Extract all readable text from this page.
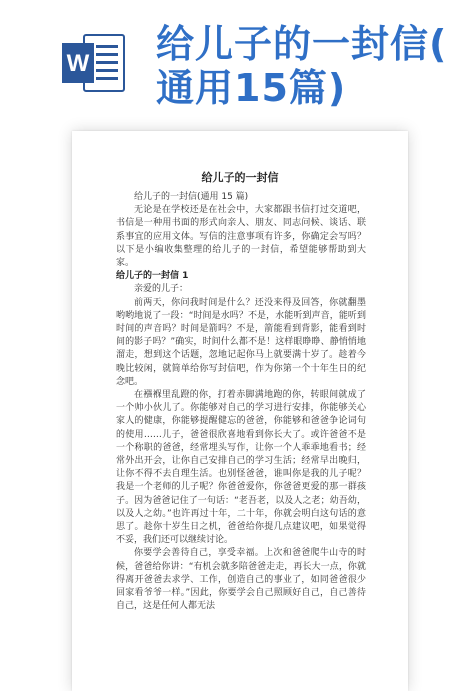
W 给儿子的一封信(
通用15篇)
给儿子的一封信

给儿子的一封信(通用 15 篇)

无论是在学校还是在社会中，大家都跟书信打过交道吧，书信是一种用书面的形式向亲人、朋友、同志问候、谈话、联系事宜的应用文体。写信的注意事项有许多，你确定会写吗？以下是小编收集整理的给儿子的一封信，希望能够帮助到大家。

给儿子的一封信 1

亲爱的儿子：

前两天，你问我时间是什么？还没来得及回答，你就翻墨哟哟地说了一段：“时间是水吗？不是，水能听到声音，能听到时间的声音吗？时间是箭吗？不是，箭能看到背影，能看到时间的影子吗？”确实，时间什么都不是！这样眼睁睁、静悄悄地溜走，想到这个话题，忽地记起你马上就要满十岁了。趁着今晚比较闲，就简单给你写封信吧，作为你第一个十年生日的纪念吧。

在襁褓里乱蹬的你，打着赤脚满地跑的你，转眼间就成了一个帅小伙儿了。你能够对自己的学习进行安排，你能够关心家人的健康，你能够提醒健忘的爸爸，你能够和爸爸争论词句的使用……儿子，爸爸很欣喜地看到你长大了。或许爸爸不是一个称职的爸爸，经常埋头写作，让你一个人乖乖地看书；经常外出开会，让你自己安排自己的学习生活；经常早出晚归，让你不得不去自理生活。也别怪爸爸，谁叫你是我的儿子呢？我是一个老师的儿子呢？你爸爸爱你，你爸爸更爱的那一群孩子。因为爸爸记住了一句话：“老吾老，以及人之老；幼吾幼，以及人之幼。”也许再过十年，二十年，你就会明白这句话的意思了。趁你十岁生日之机，爸爸给你提几点建议吧，如果觉得不妥，我们还可以继续讨论。

你要学会善待自己，享受幸福。上次和爸爸爬牛山寺的时候，爸爸给你讲：“有机会就多陪爸爸走走，再长大一点，你就得离开爸爸去求学、工作，创造自己的事业了，如同爸爸很少回家看爷爷一样。”因此，你要学会自己照顾好自己，自己善待自己，这是任何人都无法
